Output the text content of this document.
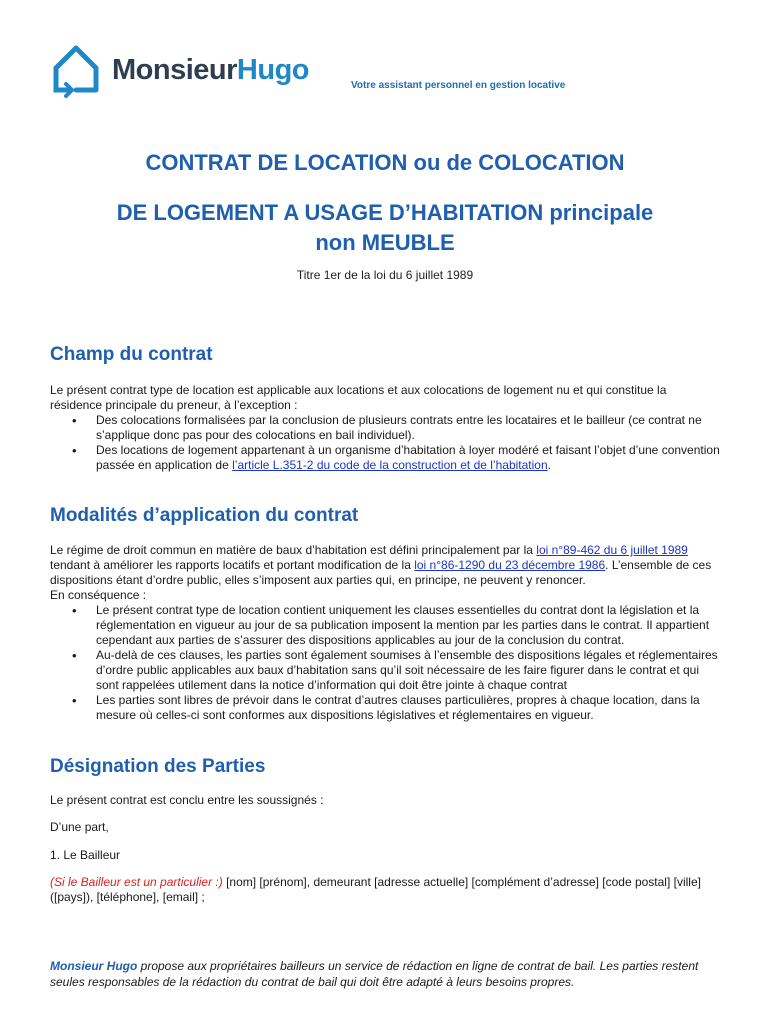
MonsieurHugo	Votre assistant personnel en gestion locative
CONTRAT DE LOCATION ou de COLOCATION
DE LOGEMENT A USAGE D’HABITATION principale
non MEUBLE
Titre 1er de la loi du 6 juillet 1989
Champ du contrat

Le présent contrat type de location est applicable aux locations et aux colocations de logement nu et qui constitue la résidence principale du preneur, à l’exception :

• Des colocations formalisées par la conclusion de plusieurs contrats entre les locataires et le bailleur (ce contrat ne s’applique donc pas pour des colocations en bail individuel).
• Des locations de logement appartenant à un organisme d’habitation à loyer modéré et faisant l’objet d’une convention passée en application de l’article L.351-2 du code de la construction et de l’habitation.
Modalités d’application du contrat

Le régime de droit commun en matière de baux d’habitation est défini principalement par la loi n°89-462 du 6 juillet 1989 tendant à améliorer les rapports locatifs et portant modification de la loi n°86-1290 du 23 décembre 1986. L’ensemble de ces dispositions étant d’ordre public, elles s’imposent aux parties qui, en principe, ne peuvent y renoncer.

En conséquence :

• Le présent contrat type de location contient uniquement les clauses essentielles du contrat dont la législation et la réglementation en vigueur au jour de sa publication imposent la mention par les parties dans le contrat. Il appartient cependant aux parties de s’assurer des dispositions applicables au jour de la conclusion du contrat.
• Au-delà de ces clauses, les parties sont également soumises à l’ensemble des dispositions légales et réglementaires d’ordre public applicables aux baux d’habitation sans qu’il soit nécessaire de les faire figurer dans le contrat et qui sont rappelées utilement dans la notice d’information qui doit être jointe à chaque contrat
• Les parties sont libres de prévoir dans le contrat d’autres clauses particulières, propres à chaque location, dans la mesure où celles-ci sont conformes aux dispositions législatives et réglementaires en vigueur.
Désignation des Parties

Le présent contrat est conclu entre les soussignés :

D’une part,

1. Le Bailleur

(Si le Bailleur est un particulier :) [nom] [prénom], demeurant [adresse actuelle] [complément d’adresse] [code postal] [ville] ([pays]), [téléphone], [email] ;

Monsieur Hugo propose aux propriétaires bailleurs un service de rédaction en ligne de contrat de bail. Les parties restent seules responsables de la rédaction du contrat de bail qui doit être adapté à leurs besoins propres.
